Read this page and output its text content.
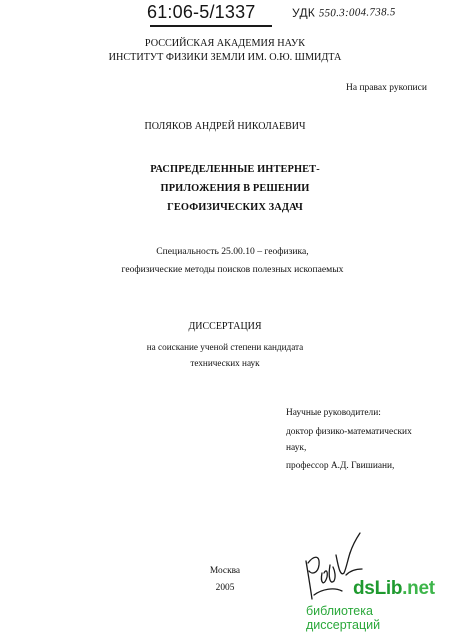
61:06-5/1337	УДК 550.3:004.738.5
РОССИЙСКАЯ АКАДЕМИЯ НАУК
ИНСТИТУТ ФИЗИКИ ЗЕМЛИ ИМ. О.Ю. ШМИДТА
На правах рукописи
ПОЛЯКОВ АНДРЕЙ НИКОЛАЕВИЧ
РАСПРЕДЕЛЕННЫЕ ИНТЕРНЕТ-ПРИЛОЖЕНИЯ В РЕШЕНИИ
ГЕОФИЗИЧЕСКИХ ЗАДАЧ
Специальность 25.00.10 – геофизика,
геофизические методы поисков полезных ископаемых
ДИССЕРТАЦИЯ
на соискание ученой степени кандидата
технических наук
Научные руководители:
доктор физико-математических
наук,
профессор А.Д. Гвишиани,
Москва
2005	dsLib.net
библиотека диссертаций
